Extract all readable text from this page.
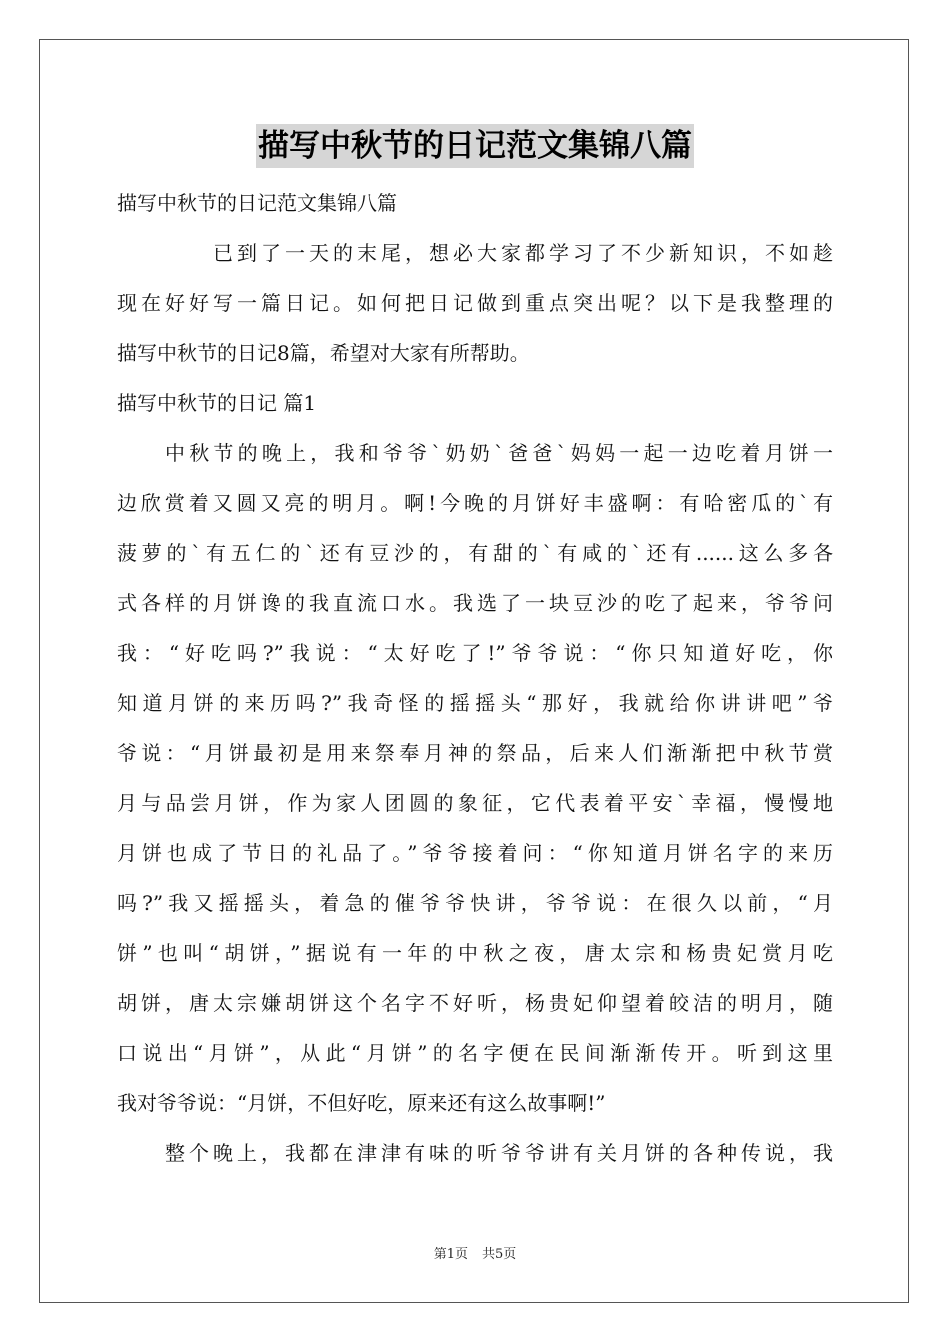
描写中秋节的日记范文集锦八篇
描写中秋节的日记范文集锦八篇
已到了一天的末尾，想必大家都学习了不少新知识，不如趁
现在好好写一篇日记。如何把日记做到重点突出呢？以下是我整理的
描写中秋节的日记8篇，希望对大家有所帮助。
描写中秋节的日记 篇1
中秋节的晚上，我和爷爷`奶奶`爸爸`妈妈一起一边吃着月饼一
边欣赏着又圆又亮的明月。啊!今晚的月饼好丰盛啊：有哈密瓜的`有
菠萝的`有五仁的`还有豆沙的，有甜的`有咸的`还有......这么多各
式各样的月饼谗的我直流口水。我选了一块豆沙的吃了起来，爷爷问
我：“好吃吗?”我说：“太好吃了!”爷爷说：“你只知道好吃，你
知道月饼的来历吗?”我奇怪的摇摇头“那好，我就给你讲讲吧”爷
爷说：“月饼最初是用来祭奉月神的祭品，后来人们渐渐把中秋节赏
月与品尝月饼，作为家人团圆的象征，它代表着平安`幸福，慢慢地
月饼也成了节日的礼品了。”爷爷接着问：“你知道月饼名字的来历
吗?”我又摇摇头，着急的催爷爷快讲，爷爷说：在很久以前，“月
饼”也叫“胡饼，”据说有一年的中秋之夜，唐太宗和杨贵妃赏月吃
胡饼，唐太宗嫌胡饼这个名字不好听，杨贵妃仰望着皎洁的明月，随
口说出“月饼”，从此“月饼”的名字便在民间渐渐传开。听到这里
我对爷爷说：“月饼，不但好吃，原来还有这么故事啊!”
整个晚上，我都在津津有味的听爷爷讲有关月饼的各种传说，我
第1页 共5页
